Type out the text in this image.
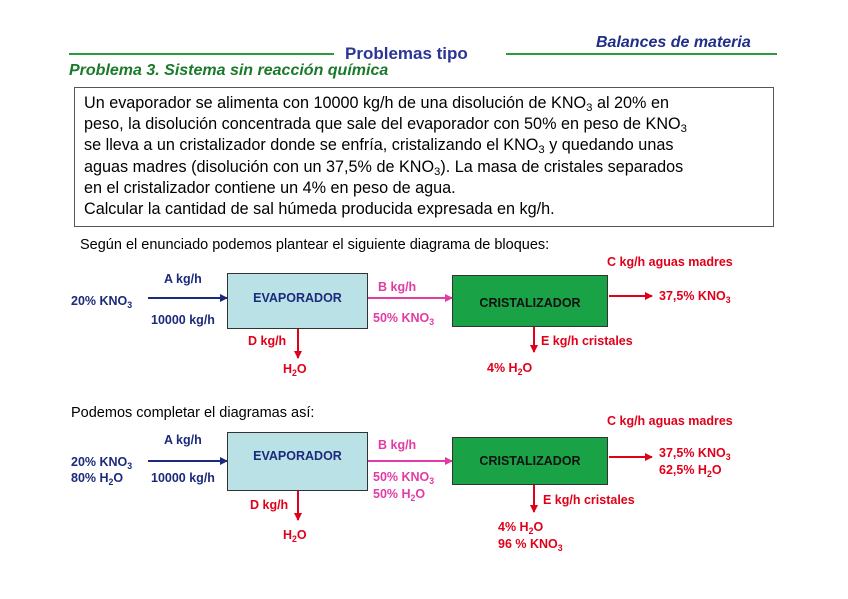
Balances de materia
Problemas tipo
Problema 3. Sistema sin reacción química
Un evaporador se alimenta con 10000 kg/h de una disolución de $KNO_3$ al 20% en
peso, la disolución concentrada que sale del evaporador con 50% en peso de $KNO_3$
se lleva a un cristalizador donde se enfría, cristalizando el $KNO_3$ y quedando unas
aguas madres (disolución con un 37,5% de $KNO_3$). La masa de cristales separados
en el cristalizador contiene un 4% en peso de agua.
Calcular la cantidad de sal húmeda producida expresada en kg/h.
Según el enunciado podemos plantear el siguiente diagrama de bloques:
A kg/h
20% $KNO_3$
10000 kg/h
EVAPORADOR	CRISTALIZADOR
B kg/h
50% $KNO_3$
C kg/h aguas madres
37,5% $KNO_3$
D kg/h
$H_2O$
E kg/h cristales
4% $H_2O$
Podemos completar el diagramas así:
A kg/h
20% $KNO_3$
80% $H_2O$ 10000 kg/h
EVAPORADOR	CRISTALIZADOR
B kg/h
50% $KNO_3$
50% $H_2O$
C kg/h aguas madres
37,5% $KNO_3$
62,5% $H_2O$
D kg/h
$H_2O$
E kg/h cristales
4% $H_2O$
96 % $KNO_3$
